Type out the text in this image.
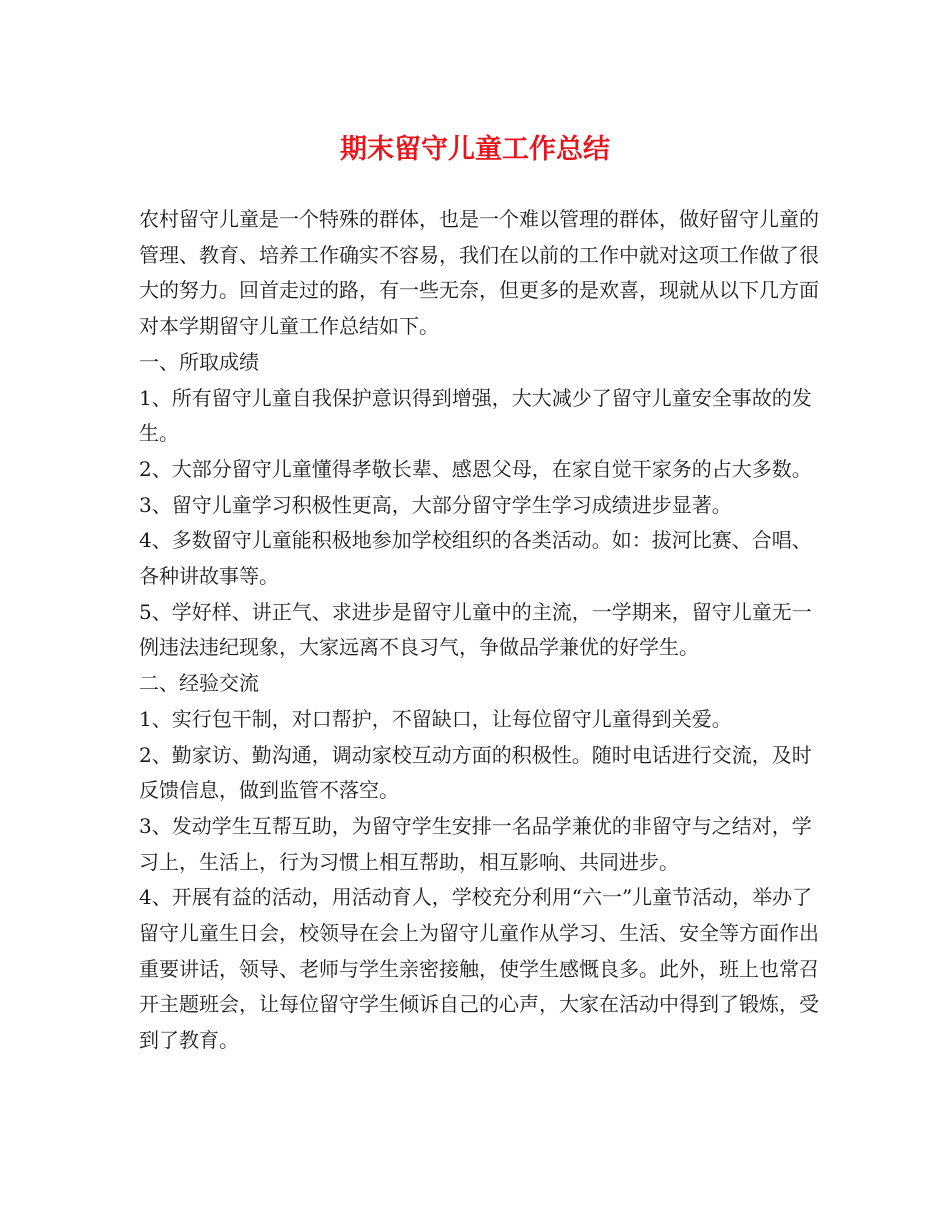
期末留守儿童工作总结

农村留守儿童是一个特殊的群体，也是一个难以管理的群体，做好留守儿童的管理、教育、培养工作确实不容易，我们在以前的工作中就对这项工作做了很大的努力。回首走过的路，有一些无奈，但更多的是欢喜，现就从以下几方面对本学期留守儿童工作总结如下。

一、所取成绩

1、所有留守儿童自我保护意识得到增强，大大减少了留守儿童安全事故的发生。

2、大部分留守儿童懂得孝敬长辈、感恩父母，在家自觉干家务的占大多数。

3、留守儿童学习积极性更高，大部分留守学生学习成绩进步显著。

4、多数留守儿童能积极地参加学校组织的各类活动。如：拔河比赛、合唱、各种讲故事等。

5、学好样、讲正气、求进步是留守儿童中的主流，一学期来，留守儿童无一例违法违纪现象，大家远离不良习气，争做品学兼优的好学生。

二、经验交流

1、实行包干制，对口帮护，不留缺口，让每位留守儿童得到关爱。

2、勤家访、勤沟通，调动家校互动方面的积极性。随时电话进行交流，及时反馈信息，做到监管不落空。

3、发动学生互帮互助，为留守学生安排一名品学兼优的非留守与之结对，学习上，生活上，行为习惯上相互帮助，相互影响、共同进步。

4、开展有益的活动，用活动育人，学校充分利用“六一”儿童节活动，举办了留守儿童生日会，校领导在会上为留守儿童作从学习、生活、安全等方面作出重要讲话，领导、老师与学生亲密接触，使学生感慨良多。此外，班上也常召开主题班会，让每位留守学生倾诉自己的心声，大家在活动中得到了锻炼，受到了教育。
